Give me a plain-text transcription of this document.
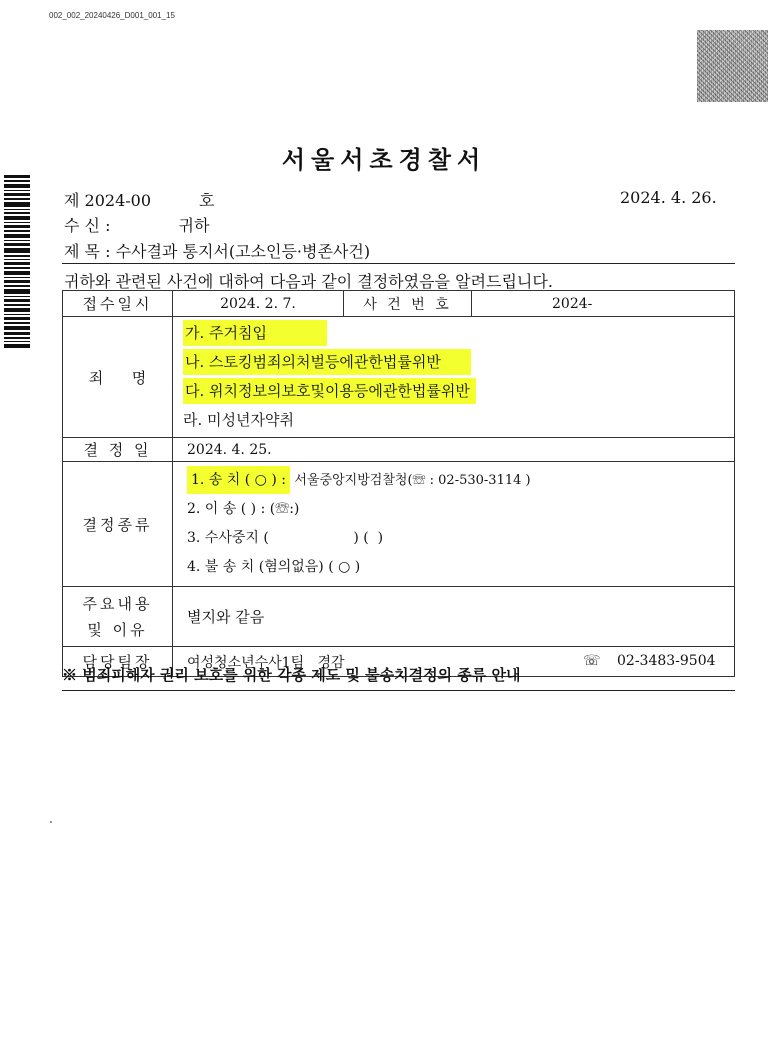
002_002_20240426_D001_001_15
서울서초경찰서
제 2024-00	호	2024. 4. 26.
수 신 :	귀하
제 목 : 수사결과 통지서(고소인등·병존사건)
귀하와 관련된 사건에 대하여 다음과 같이 결정하였음을 알려드립니다.
접수일시	2024. 2. 7.	사 건 번 호	2024-
죄      명	가. 주거침입
나. 스토킹범죄의처벌등에관한법률위반
다. 위치정보의보호및이용등에관한법률위반
라. 미성년자약취		

결 정 일	2024. 4. 25.		
결정종류	1. 송 치 ( ○ ) : 서울중앙지방검찰청(☏ : 02-530-3114 )
2. 이 송 ( ) : (☏:)
3. 수사중지 (                   ) (  )
4. 불 송 치 (혐의없음) ( ○ )		

주요내용
및 이유	별지와 같음		
담당팀장	여성청소년수사1팀   경감 ☏ 02-3483-9504		
※ 범죄피해자 권리 보호를 위한 각종 제도 및 불송치결정의 종류 안내
